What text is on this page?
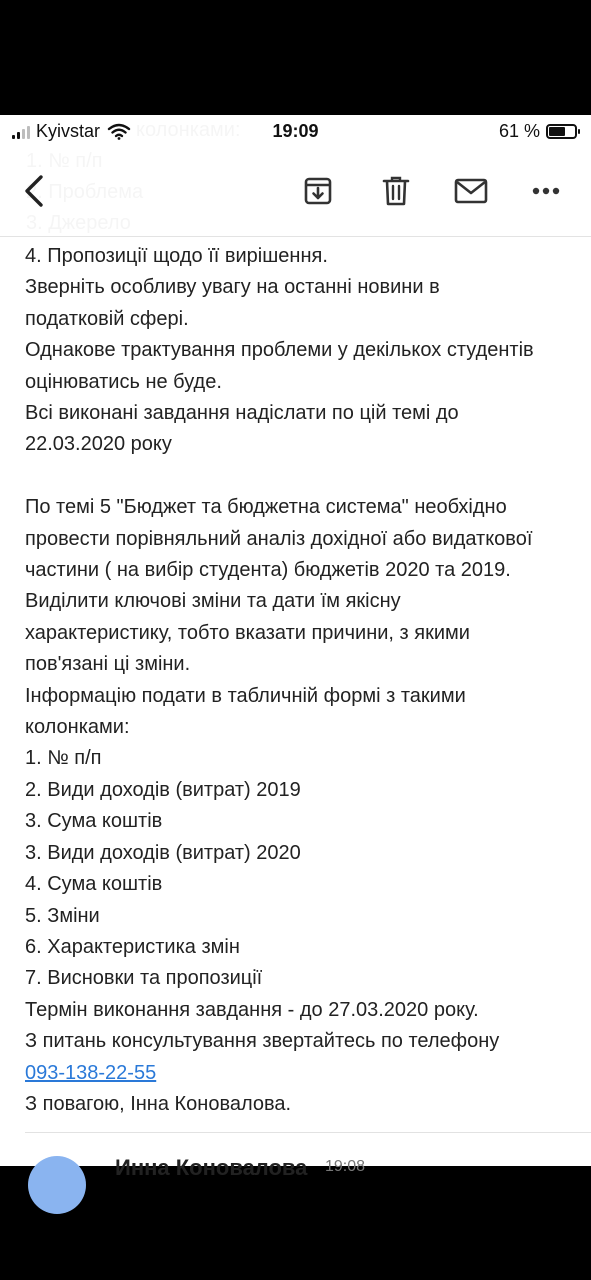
Kyivstar	19:09	61 %

4. Пропозиції щодо її вирішення.

Зверніть особливу увагу на останні новини в

податковій сфері.

Однакове трактування проблеми у декількох студентів

оцінюватись не буде.

Всі виконані завдання надіслати по цій темі до

22.03.2020 року

По темі 5 "Бюджет та бюджетна система" необхідно

провести порівняльний аналіз дохідної або видаткової

частини ( на вибір студента) бюджетів 2020 та 2019.

Виділити ключові зміни та дати їм якісну

характеристику, тобто вказати причини, з якими

пов'язані ці зміни.

Інформацію подати в табличній формі з такими

колонками:

1. № п/п

2. Види доходів (витрат) 2019

3. Сума коштів

3. Види доходів (витрат) 2020

4. Сума коштів

5. Зміни

6. Характеристика змін

7. Висновки та пропозиції

Термін виконання завдання - до 27.03.2020 року.

З питань консультування звертайтесь по телефону

093-138-22-55

З повагою, Інна Коновалова.

Инна Коновалова 19:08
